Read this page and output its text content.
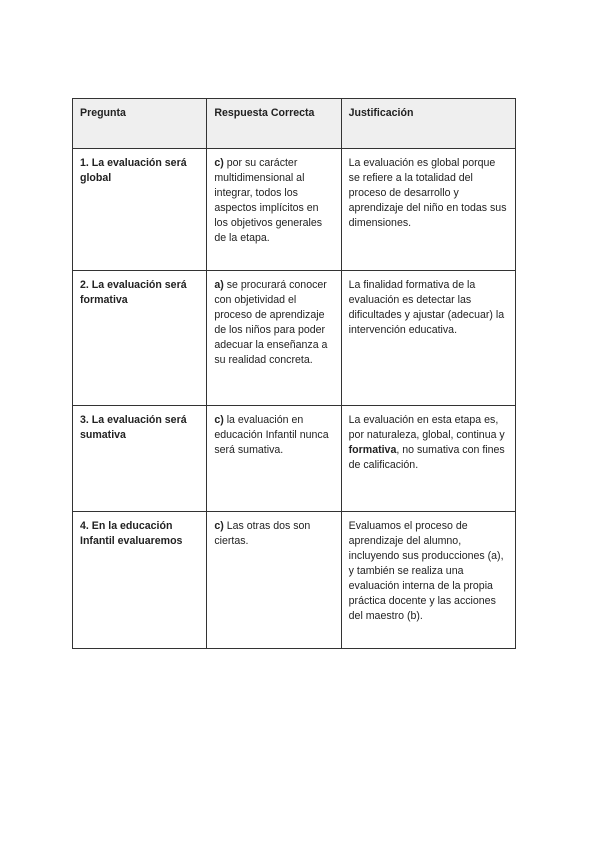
Pregunta	Respuesta Correcta	Justificación
1. La evaluación será global	c) por su carácter multidimensional al integrar, todos los aspectos implícitos en los objetivos generales de la etapa.	La evaluación es global porque se refiere a la totalidad del proceso de desarrollo y aprendizaje del niño en todas sus dimensiones.
2. La evaluación será formativa	a) se procurará conocer con objetividad el proceso de aprendizaje de los niños para poder adecuar la enseñanza a su realidad concreta.	La finalidad formativa de la evaluación es detectar las dificultades y ajustar (adecuar) la intervención educativa.
3. La evaluación será sumativa	c) la evaluación en educación Infantil nunca será sumativa.	La evaluación en esta etapa es, por naturaleza, global, continua y formativa, no sumativa con fines de calificación.
4. En la educación Infantil evaluaremos	c) Las otras dos son ciertas.	Evaluamos el proceso de aprendizaje del alumno, incluyendo sus producciones (a), y también se realiza una evaluación interna de la propia práctica docente y las acciones del maestro (b).
